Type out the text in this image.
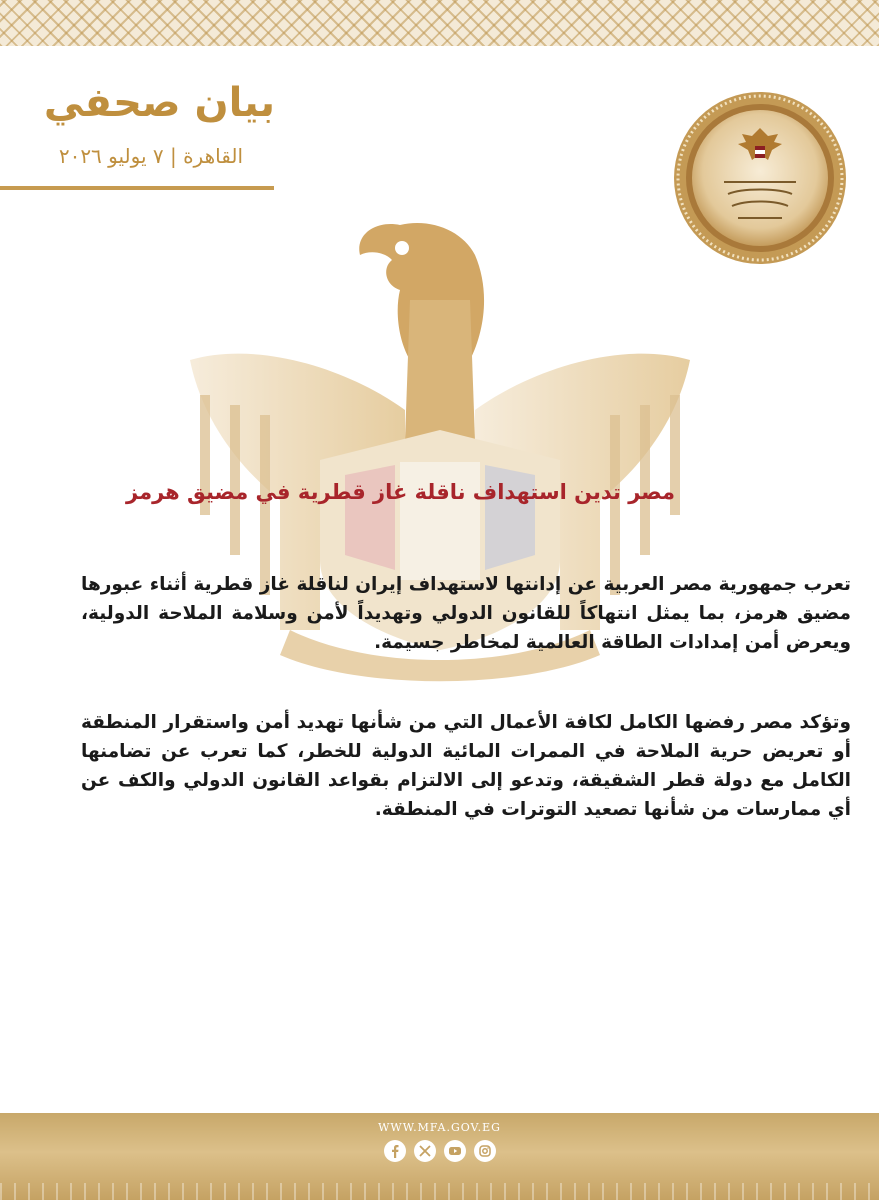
بيان صحفي
القاهرة | ٧ يوليو ٢٠٢٦
مصر تدين استهداف ناقلة غاز قطرية في مضيق هرمز

تعرب جمهورية مصر العربية عن إدانتها لاستهداف إيران لناقلة غاز قطرية أثناء عبورها مضيق هرمز، بما يمثل انتهاكاً للقانون الدولي وتهديداً لأمن وسلامة الملاحة الدولية، ويعرض أمن إمدادات الطاقة العالمية لمخاطر جسيمة.

وتؤكد مصر رفضها الكامل لكافة الأعمال التي من شأنها تهديد أمن واستقرار المنطقة أو تعريض حرية الملاحة في الممرات المائية الدولية للخطر، كما تعرب عن تضامنها الكامل مع دولة قطر الشقيقة، وتدعو إلى الالتزام بقواعد القانون الدولي والكف عن أي ممارسات من شأنها تصعيد التوترات في المنطقة.

WWW.MFA.GOV.EG
